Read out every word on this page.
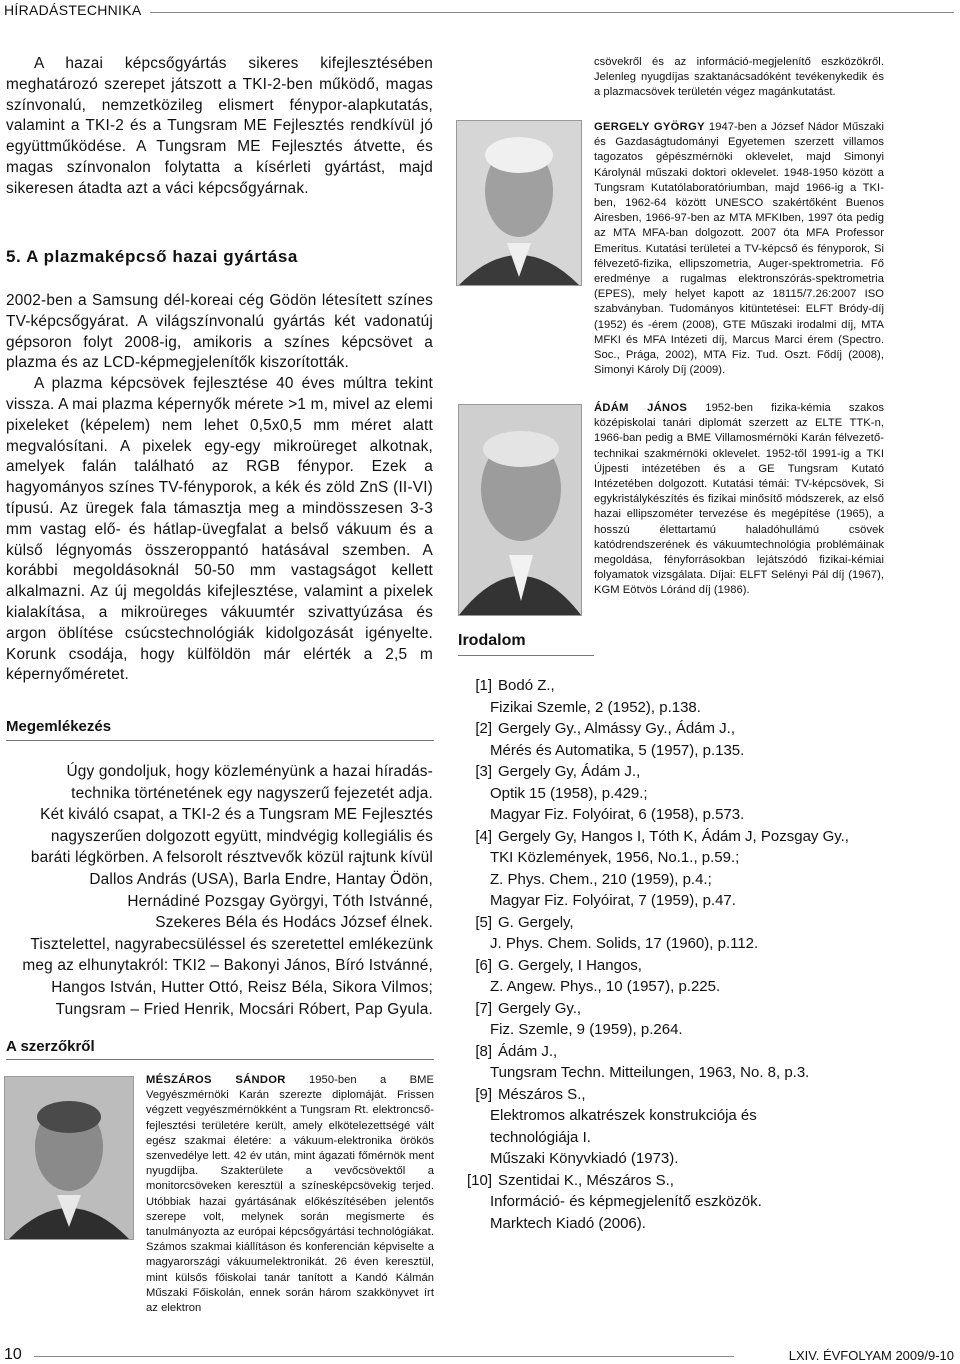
HÍRADÁSTECHNIKA
10	LXIV. ÉVFOLYAM 2009/9-10

A hazai képcsőgyártás sikeres kifejlesztésében meghatározó szerepet játszott a TKI-2-ben működő, magas színvonalú, nemzetközileg elismert fénypor-alapkutatás, valamint a TKI-2 és a Tungsram ME Fejlesztés rendkívül jó együttműködése. A Tungsram ME Fejlesztés átvette, és magas színvonalon folytatta a kísérleti gyártást, majd sikeresen átadta azt a váci képcsőgyárnak.

5. A plazmaképcső hazai gyártása

2002-ben a Samsung dél-koreai cég Gödön létesített színes TV-képcsőgyárat. A világszínvonalú gyártás két vadonatúj gépsoron folyt 2008-ig, amikoris a színes képcsövet a plazma és az LCD-képmegjelenítők kiszorították.

A plazma képcsövek fejlesztése 40 éves múltra tekint vissza. A mai plazma képernyők mérete >1 m, mivel az elemi pixeleket (képelem) nem lehet 0,5x0,5 mm méret alatt megvalósítani. A pixelek egy-egy mikroüreget alkotnak, amelyek falán található az RGB fénypor. Ezek a hagyományos színes TV-fényporok, a kék és zöld ZnS (II-VI) típusú. Az üregek fala támasztja meg a mindösszesen 3-3 mm vastag elő- és hátlap-üvegfalat a belső vákuum és a külső légnyomás összeroppantó hatásával szemben. A korábbi megoldásoknál 50-50 mm vastagságot kellett alkalmazni. Az új megoldás kifejlesztése, valamint a pixelek kialakítása, a mikroüreges vákuumtér szivattyúzása és argon öblítése csúcstechnológiák kidolgozását igényelte. Korunk csodája, hogy külföldön már elérték a 2,5 m képernyőméretet.

Megemlékezés

Úgy gondoljuk, hogy közleményünk a hazai híradás-

technika történetének egy nagyszerű fejezetét adja.

Két kiváló csapat, a TKI-2 és a Tungsram ME Fejlesztés

nagyszerűen dolgozott együtt, mindvégig kollegiális és

baráti légkörben. A felsorolt résztvevők közül rajtunk kívül

Dallos András (USA), Barla Endre, Hantay Ödön,

Hernádiné Pozsgay Györgyi, Tóth Istvánné,

Szekeres Béla és Hodács József élnek.

Tisztelettel, nagyrabecsüléssel és szeretettel emlékezünk

meg az elhunytakról: TKI2 – Bakonyi János, Bíró Istvánné,

Hangos István, Hutter Ottó, Reisz Béla, Sikora Vilmos;

Tungsram – Fried Henrik, Mocsári Róbert, Pap Gyula.

A szerzőkről

MÉSZÁROS SÁNDOR 1950-ben a BME Vegyészmérnöki Karán szerezte diplomáját. Frissen végzett vegyészmérnökként a Tungsram Rt. elektroncső-fejlesztési területére került, amely elkötelezettségé vált egész szakmai életére: a vákuum-elektronika örökös szenvedélye lett. 42 év után, mint ágazati főmérnök ment nyugdíjba. Szakterülete a vevőcsövektől a monitorcsöveken keresztül a színesképcsövekig terjed. Utóbbiak hazai gyártásának előkészítésében jelentős szerepe volt, melynek során megismerte és tanulmányozta az európai képcsőgyártási technológiákat. Számos szakmai kiállításon és konferencián képviselte a magyarországi vákuumelektronikát. 26 éven keresztül, mint külsős főiskolai tanár tanított a Kandó Kálmán Műszaki Főiskolán, ennek során három szakkönyvet írt az elektron

csövekről és az információ-megjelenítő eszközökről. Jelenleg nyugdíjas szaktanácsadóként tevékenykedik és a plazmacsövek területén végez magánkutatást.

GERGELY GYÖRGY 1947-ben a József Nádor Műszaki és Gazdaságtudományi Egyetemen szerzett villamos tagozatos gépészmérnöki oklevelet, majd Simonyi Károlynál műszaki doktori oklevelet. 1948-1950 között a Tungsram Kutatólaboratóriumban, majd 1966-ig a TKI-ben, 1962-64 között UNESCO szakértőként Buenos Airesben, 1966-97-ben az MTA MFKIben, 1997 óta pedig az MTA MFA-ban dolgozott. 2007 óta MFA Professor Emeritus. Kutatási területei a TV-képcső és fényporok, Si félvezető-fizika, ellipszometria, Auger-spektrometria. Fő eredménye a rugalmas elektronszórás-spektrometria (EPES), mely helyet kapott az 18115/7.26:2007 ISO szabványban. Tudományos kitüntetései: ELFT Bródy-díj (1952) és -érem (2008), GTE Műszaki irodalmi díj, MTA MFKI és MFA Intézeti díj, Marcus Marci érem (Spectro. Soc., Prága, 2002), MTA Fiz. Tud. Oszt. Fődíj (2008), Simonyi Károly Díj (2009).

ÁDÁM JÁNOS 1952-ben fizika-kémia szakos középiskolai tanári diplomát szerzett az ELTE TTK-n, 1966-ban pedig a BME Villamosmérnöki Karán félvezető-technikai szakmérnöki oklevelet. 1952-től 1991-ig a TKI Újpesti intézetében és a GE Tungsram Kutató Intézetében dolgozott. Kutatási témái: TV-képcsövek, Si egykristálykészítés és fizikai minősítő módszerek, az első hazai ellipszométer tervezése és megépítése (1965), a hosszú élettartamú haladóhullámú csövek katódrendszerének és vákuumtechnológia problémáinak megoldása, fényforrásokban lejátszódó fizikai-kémiai folyamatok vizsgálata. Díjai: ELFT Selényi Pál díj (1967), KGM Eötvös Lóránd díj (1986).

Irodalom
[1] Bodó Z.,
Fizikai Szemle, 2 (1952), p.138.
[2] Gergely Gy., Almássy Gy., Ádám J.,
Mérés és Automatika, 5 (1957), p.135.
[3] Gergely Gy, Ádám J.,
Optik 15 (1958), p.429.;
Magyar Fiz. Folyóirat, 6 (1958), p.573.
[4] Gergely Gy, Hangos I, Tóth K, Ádám J, Pozsgay Gy.,
TKI Közlemények, 1956, No.1., p.59.;
Z. Phys. Chem., 210 (1959), p.4.;
Magyar Fiz. Folyóirat, 7 (1959), p.47.
[5] G. Gergely,
J. Phys. Chem. Solids, 17 (1960), p.112.
[6] G. Gergely, I Hangos,
Z. Angew. Phys., 10 (1957), p.225.
[7] Gergely Gy.,
Fiz. Szemle, 9 (1959), p.264.
[8] Ádám J.,
Tungsram Techn. Mitteilungen, 1963, No. 8, p.3.
[9] Mészáros S.,
Elektromos alkatrészek konstrukciója és
technológiája I.
Műszaki Könyvkiadó (1973).
[10] Szentidai K., Mészáros S.,
Információ- és képmegjelenítő eszközök.
Marktech Kiadó (2006).
